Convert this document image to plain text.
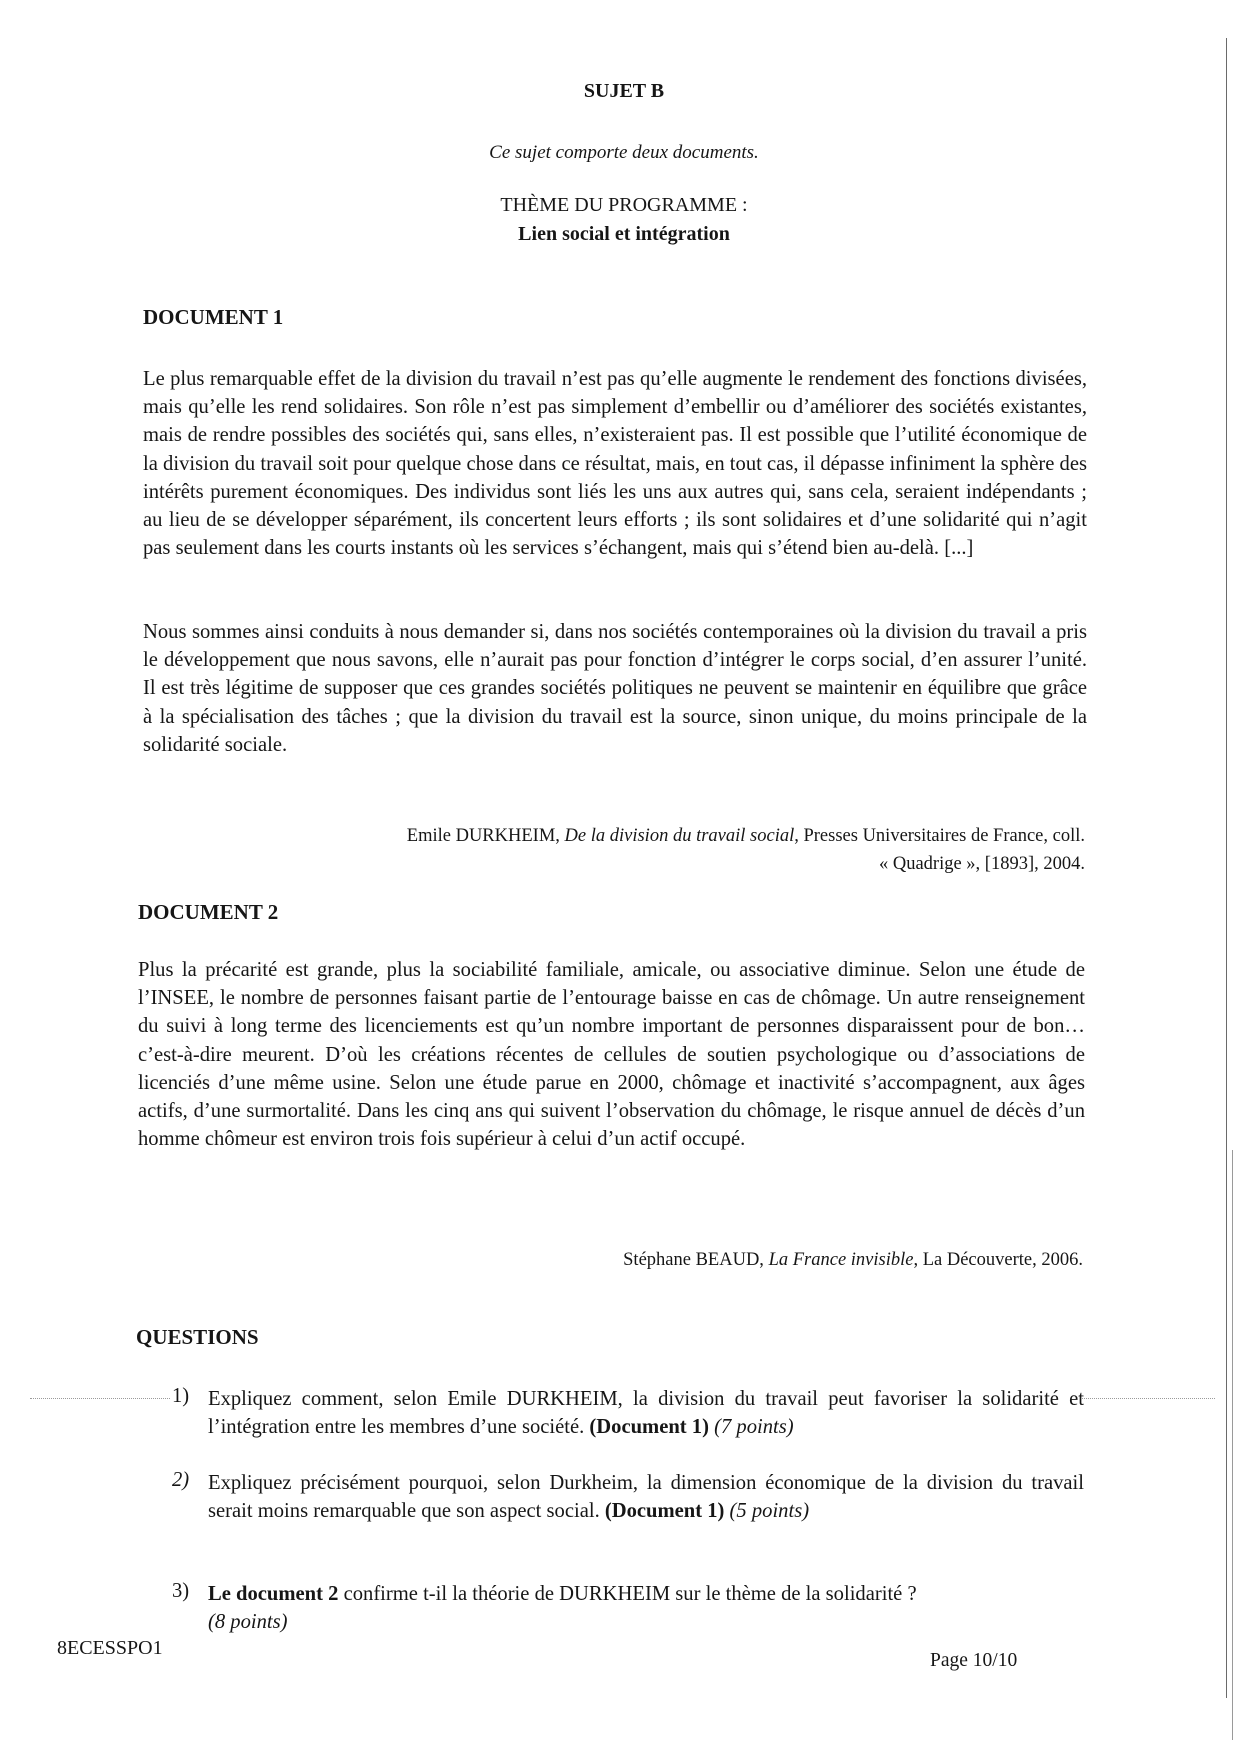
SUJET B
Ce sujet comporte deux documents.
THÈME DU PROGRAMME :
Lien social et intégration
DOCUMENT 1

Le plus remarquable effet de la division du travail n’est pas qu’elle augmente le rendement des fonctions divisées, mais qu’elle les rend solidaires. Son rôle n’est pas simplement d’embellir ou d’améliorer des sociétés existantes, mais de rendre possibles des sociétés qui, sans elles, n’existeraient pas. Il est possible que l’utilité économique de la division du travail soit pour quelque chose dans ce résultat, mais, en tout cas, il dépasse infiniment la sphère des intérêts purement économiques. Des individus sont liés les uns aux autres qui, sans cela, seraient indépendants ; au lieu de se développer séparément, ils concertent leurs efforts ; ils sont solidaires et d’une solidarité qui n’agit pas seulement dans les courts instants où les services s’échangent, mais qui s’étend bien au-delà. [...]

Nous sommes ainsi conduits à nous demander si, dans nos sociétés contemporaines où la division du travail a pris le développement que nous savons, elle n’aurait pas pour fonction d’intégrer le corps social, d’en assurer l’unité. Il est très légitime de supposer que ces grandes sociétés politiques ne peuvent se maintenir en équilibre que grâce à la spécialisation des tâches ; que la division du travail est la source, sinon unique, du moins principale de la solidarité sociale.

Emile DURKHEIM, De la division du travail social, Presses Universitaires de France, coll.
« Quadrige », [1893], 2004.
DOCUMENT 2

Plus la précarité est grande, plus la sociabilité familiale, amicale, ou associative diminue. Selon une étude de l’INSEE, le nombre de personnes faisant partie de l’entourage baisse en cas de chômage. Un autre renseignement du suivi à long terme des licenciements est qu’un nombre important de personnes disparaissent pour de bon… c’est-à-dire meurent. D’où les créations récentes de cellules de soutien psychologique ou d’associations de licenciés d’une même usine. Selon une étude parue en 2000, chômage et inactivité s’accompagnent, aux âges actifs, d’une surmortalité. Dans les cinq ans qui suivent l’observation du chômage, le risque annuel de décès d’un homme chômeur est environ trois fois supérieur à celui d’un actif occupé.

Stéphane BEAUD, La France invisible, La Découverte, 2006.
QUESTIONS
1) Expliquez comment, selon Emile DURKHEIM, la division du travail peut favoriser la solidarité et l’intégration entre les membres d’une société. (Document 1) (7 points)
2) Expliquez précisément pourquoi, selon Durkheim, la dimension économique de la division du travail serait moins remarquable que son aspect social. (Document 1) (5 points)
3) Le document 2 confirme t-il la théorie de DURKHEIM sur le thème de la solidarité ?
(8 points)
8ECESSPO1
Page 10/10
